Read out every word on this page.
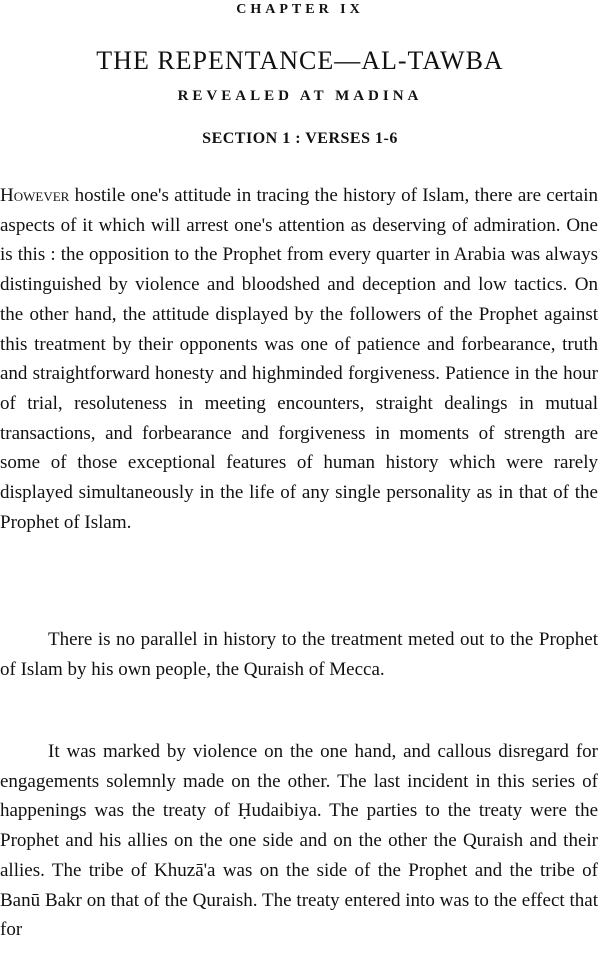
CHAPTER IX
THE REPENTANCE—AL-TAWBA
REVEALED AT MADINA
SECTION 1 : VERSES 1-6

However hostile one's attitude in tracing the history of Islam, there are certain aspects of it which will arrest one's attention as deserving of admiration. One is this : the opposition to the Prophet from every quarter in Arabia was always distinguished by violence and bloodshed and deception and low tactics. On the other hand, the attitude displayed by the followers of the Prophet against this treatment by their opponents was one of patience and forbearance, truth and straightforward honesty and highminded forgiveness. Patience in the hour of trial, resoluteness in meeting encounters, straight dealings in mutual transactions, and forbearance and forgiveness in moments of strength are some of those exceptional features of human history which were rarely displayed simultaneously in the life of any single personality as in that of the Prophet of Islam.

There is no parallel in history to the treatment meted out to the Prophet of Islam by his own people, the Quraish of Mecca.

It was marked by violence on the one hand, and callous disregard for engagements solemnly made on the other. The last incident in this series of happenings was the treaty of Ḥudaibiya. The parties to the treaty were the Prophet and his allies on the one side and on the other the Quraish and their allies. The tribe of Khuzā'a was on the side of the Prophet and the tribe of Banū Bakr on that of the Quraish. The treaty entered into was to the effect that for
